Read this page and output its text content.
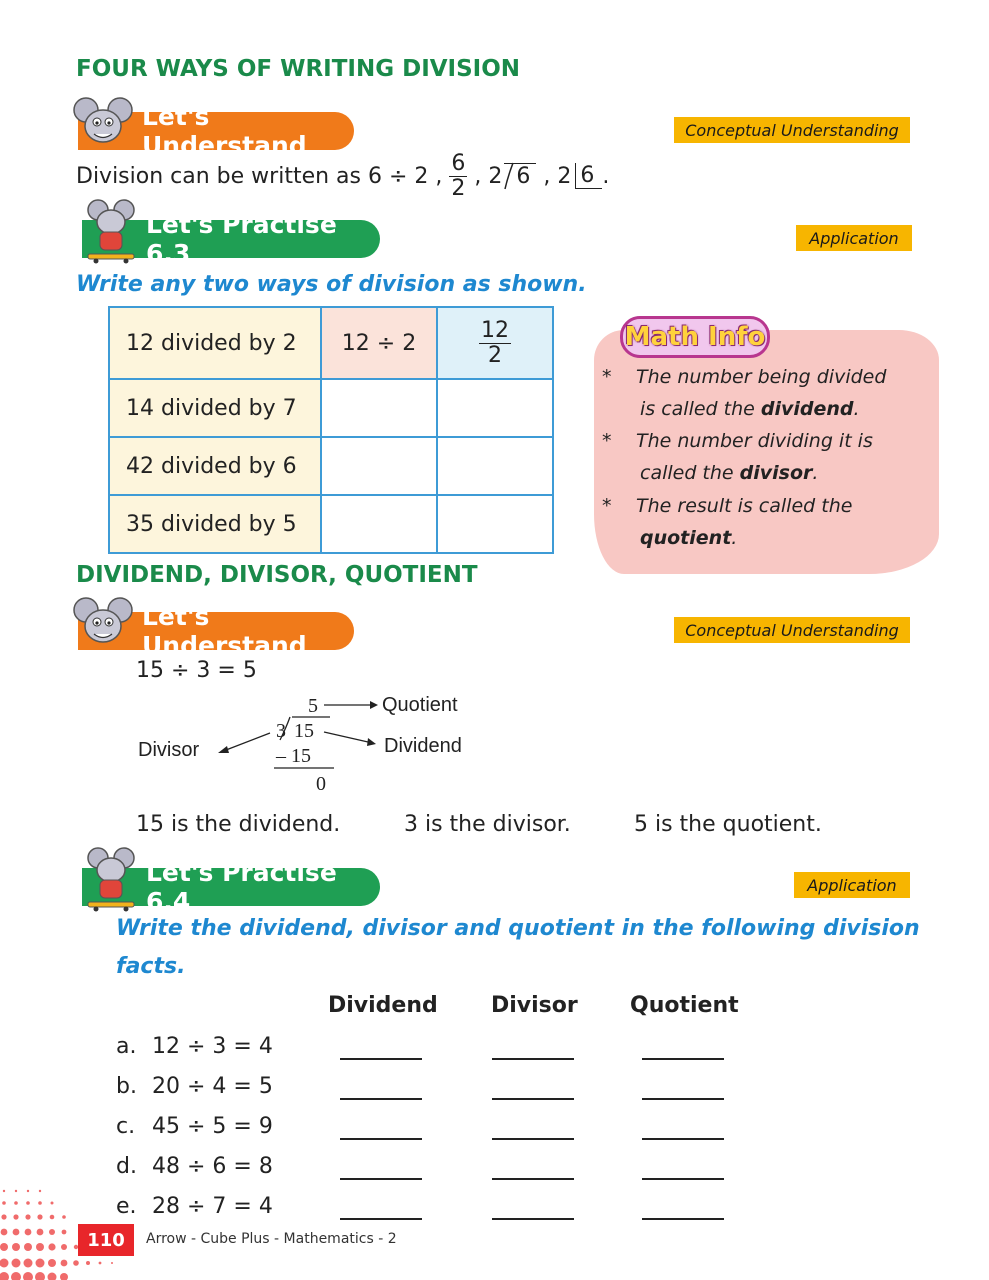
FOUR WAYS OF WRITING DIVISION
Let's Understand
Conceptual Understanding
Division can be written as 6 ÷ 2 ,
$\frac{6}{2}$
,
2 6
,
2 6 .
Let's Practise 6.3
Application
Write any two ways of division as shown.
12 divided by 2	12 ÷ 2	$\frac{12}{2}$

14 divided by 7		
42 divided by 6		
35 divided by 5		
Math Info
* The number being divided
is called the dividend.
* The number dividing it is
called the divisor.
* The result is called the
quotient.
DIVIDEND, DIVISOR, QUOTIENT
Let's Understand
Conceptual Understanding
15 ÷ 3 = 5
5	Quotient
3 15
Dividend
Divisor	– 15
0
15 is the dividend.	3 is the divisor.	5 is the quotient.
Let's Practise 6.4
Application
Write the dividend, divisor and quotient in the following division
facts.
Dividend Divisor Quotient
a. 12 ÷ 3 = 4
b. 20 ÷ 4 = 5
c. 45 ÷ 5 = 9
d. 48 ÷ 6 = 8
e. 28 ÷ 7 = 4
110	Arrow - Cube Plus - Mathematics - 2
